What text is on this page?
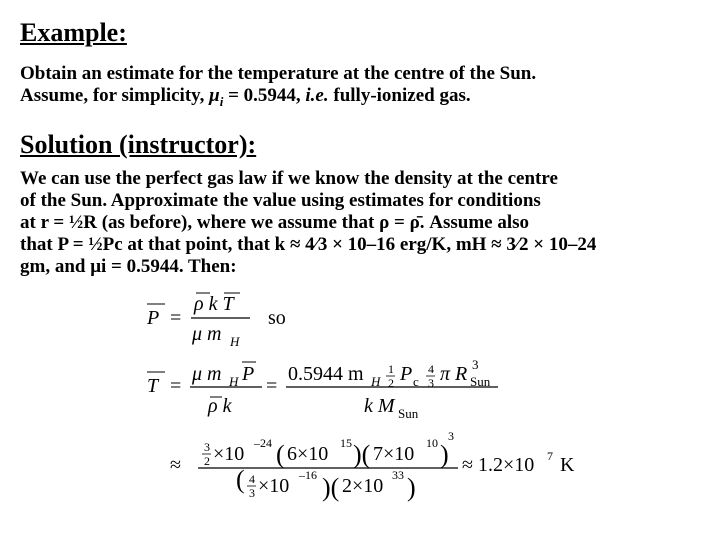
Example:
Obtain an estimate for the temperature at the centre of the Sun.
Assume, for simplicity, $\mu_i = 0.5944$, i.e. fully-ionized gas.
Solution (instructor):
We can use the perfect gas law if we know the density at the centre
of the Sun. Approximate the value using estimates for conditions
at r = ½R (as before), where we assume that ρ = ρ̄. Assume also
that P = ½Pc at that point, that k ≈ 4⁄3 × 10–16 erg/K, mH ≈ 3⁄2 × 10–24
gm, and μi = 0.5944. Then:
P =
ρ k T
μ m H
so
T =
μ m H P
ρ k
=
0.5944 m H
1
2 P c
4
3 π R 3
Sun
k M Sun
≈
3
2 ×10 –24 ( 6×10 15 )( 7×10 10 )
3
( 4
3 ×10 –16 )( 2×10 33 )
≈ 1.2×10 7 K
